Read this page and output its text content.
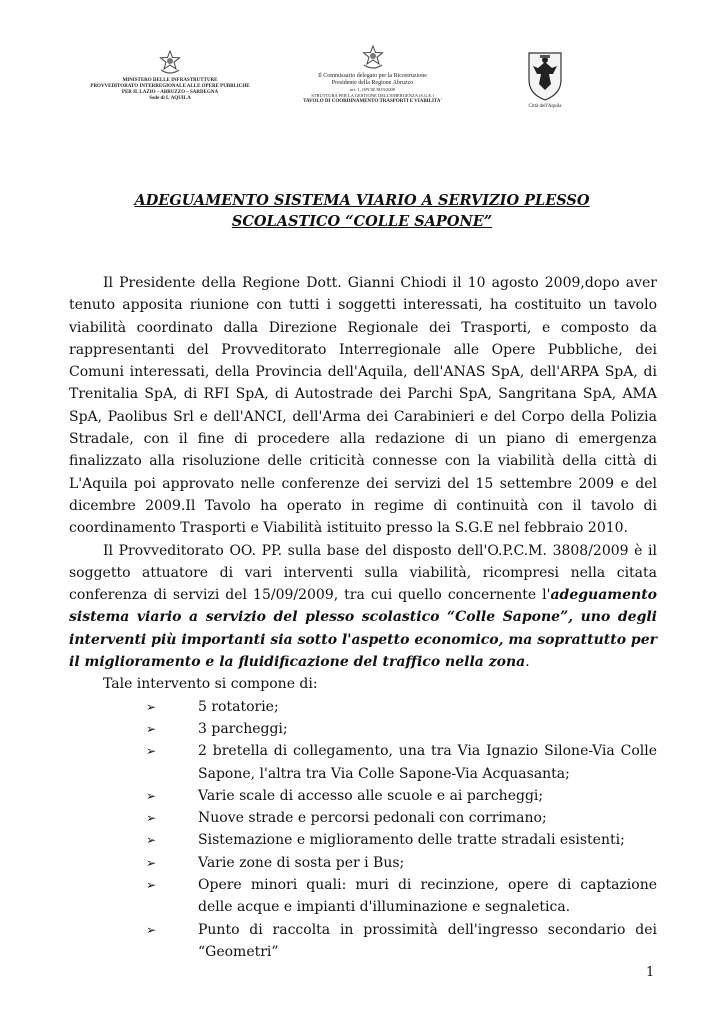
MINISTERO DELLE INFRASTRUTTURE
PROVVEDITORATO INTERREGIONALE ALLE OPERE PUBBLICHE
PER IL LAZIO – ABRUZZO – SARDEGNA
Sede di L'AQUILA
Il Commissario delegato per la Ricostruzione
Presidente della Regione Abruzzo
art. 1, OPCM 3833/2009
STRUTTURA PER LA GESTIONE DELL'EMERGENZA (S.G.E.)
TAVOLO DI COORDINAMENTO TRASPORTI E VIABILITA'
Città dell'Aquila
ADEGUAMENTO SISTEMA VIARIO A SERVIZIO PLESSO
SCOLASTICO “COLLE SAPONE”

Il Presidente della Regione Dott. Gianni Chiodi il 10 agosto 2009,dopo aver tenuto apposita riunione con tutti i soggetti interessati, ha costituito un tavolo viabilità coordinato dalla Direzione Regionale dei Trasporti, e composto da rappresentanti del Provveditorato Interregionale alle Opere Pubbliche, dei Comuni interessati, della Provincia dell'Aquila, dell'ANAS SpA, dell'ARPA SpA, di Trenitalia SpA, di RFI SpA, di Autostrade dei Parchi SpA, Sangritana SpA, AMA SpA, Paolibus Srl e dell'ANCI, dell'Arma dei Carabinieri e del Corpo della Polizia Stradale, con il fine di procedere alla redazione di un piano di emergenza finalizzato alla risoluzione delle criticità connesse con la viabilità della città di L'Aquila poi approvato nelle conferenze dei servizi del 15 settembre 2009 e del dicembre 2009.Il Tavolo ha operato in regime di continuità con il tavolo di coordinamento Trasporti e Viabilità istituito presso la S.G.E nel febbraio 2010.

Il Provveditorato OO. PP. sulla base del disposto dell'O.P.C.M. 3808/2009 è il soggetto attuatore di vari interventi sulla viabilità, ricompresi nella citata conferenza di servizi del 15/09/2009, tra cui quello concernente l'adeguamento sistema viario a servizio del plesso scolastico “Colle Sapone”, uno degli interventi più importanti sia sotto l'aspetto economico, ma soprattutto per il miglioramento e la fluidificazione del traffico nella zona.

Tale intervento si compone di:

➢	5 rotatorie;
➢	3 parcheggi;
➢	2 bretella di collegamento, una tra Via Ignazio Silone-Via Colle Sapone, l'altra tra Via Colle Sapone-Via Acquasanta;
➢	Varie scale di accesso alle scuole e ai parcheggi;
➢	Nuove strade e percorsi pedonali con corrimano;
➢	Sistemazione e miglioramento delle tratte stradali esistenti;
➢	Varie zone di sosta per i Bus;
➢	Opere minori quali: muri di recinzione, opere di captazione delle acque e impianti d'illuminazione e segnaletica.
➢	Punto di raccolta in prossimità dell'ingresso secondario dei “Geometri”
1
